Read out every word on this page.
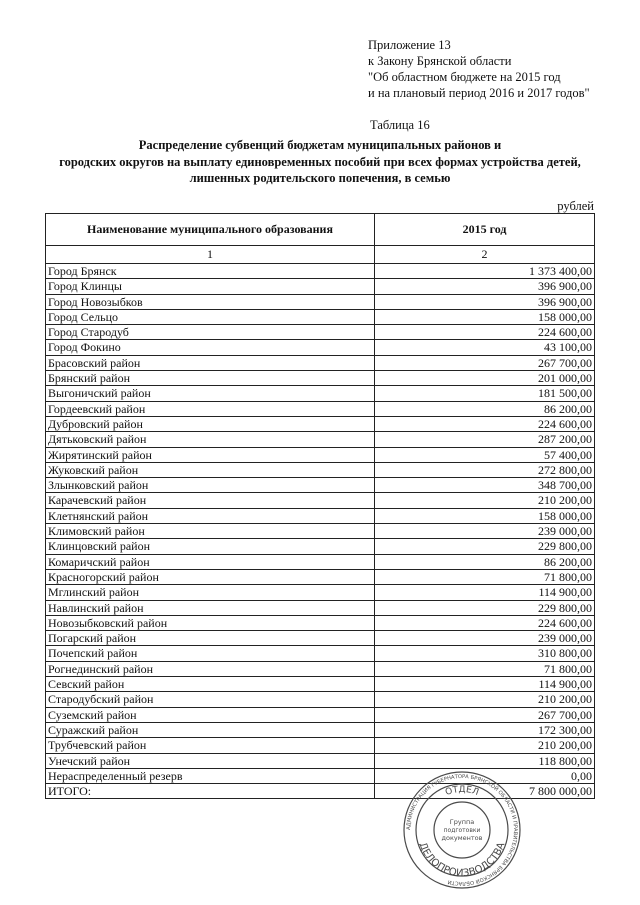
Приложение 13
к Закону Брянской области
"Об областном бюджете на 2015 год
и на плановый период 2016 и 2017 годов"
Таблица 16
Распределение субвенций бюджетам муниципальных районов и
городских округов на выплату единовременных пособий при всех формах устройства детей,
лишенных родительского попечения, в семью
рублей
Наименование муниципального образования	2015 год
1	2
Город Брянск	1 373 400,00
Город Клинцы	396 900,00
Город Новозыбков	396 900,00
Город Сельцо	158 000,00
Город Стародуб	224 600,00
Город Фокино	43 100,00
Брасовский район	267 700,00
Брянский район	201 000,00
Выгоничский район	181 500,00
Гордеевский район	86 200,00
Дубровский район	224 600,00
Дятьковский район	287 200,00
Жирятинский район	57 400,00
Жуковский район	272 800,00
Злынковский район	348 700,00
Карачевский район	210 200,00
Клетнянский район	158 000,00
Климовский район	239 000,00
Клинцовский район	229 800,00
Комаричский район	86 200,00
Красногорский район	71 800,00
Мглинский район	114 900,00
Навлинский район	229 800,00
Новозыбковский район	224 600,00
Погарский район	239 000,00
Почепский район	310 800,00
Рогнединский район	71 800,00
Севский район	114 900,00
Стародубский район	210 200,00
Суземский район	267 700,00
Суражский район	172 300,00
Трубчевский район	210 200,00
Унечский район	118 800,00
Нераспределенный резерв	0,00
ИТОГО:	7 800 000,00
АДМИНИСТРАЦИЯ ГУБЕРНАТОРА БРЯНСКОЙ ОБЛАСТИ И ПРАВИТЕЛЬСТВА БРЯНСКОЙ ОБЛАСТИ
ОТДЕЛ
ДЕЛОПРОИЗВОДСТВА
Группа
подготовки
документов
